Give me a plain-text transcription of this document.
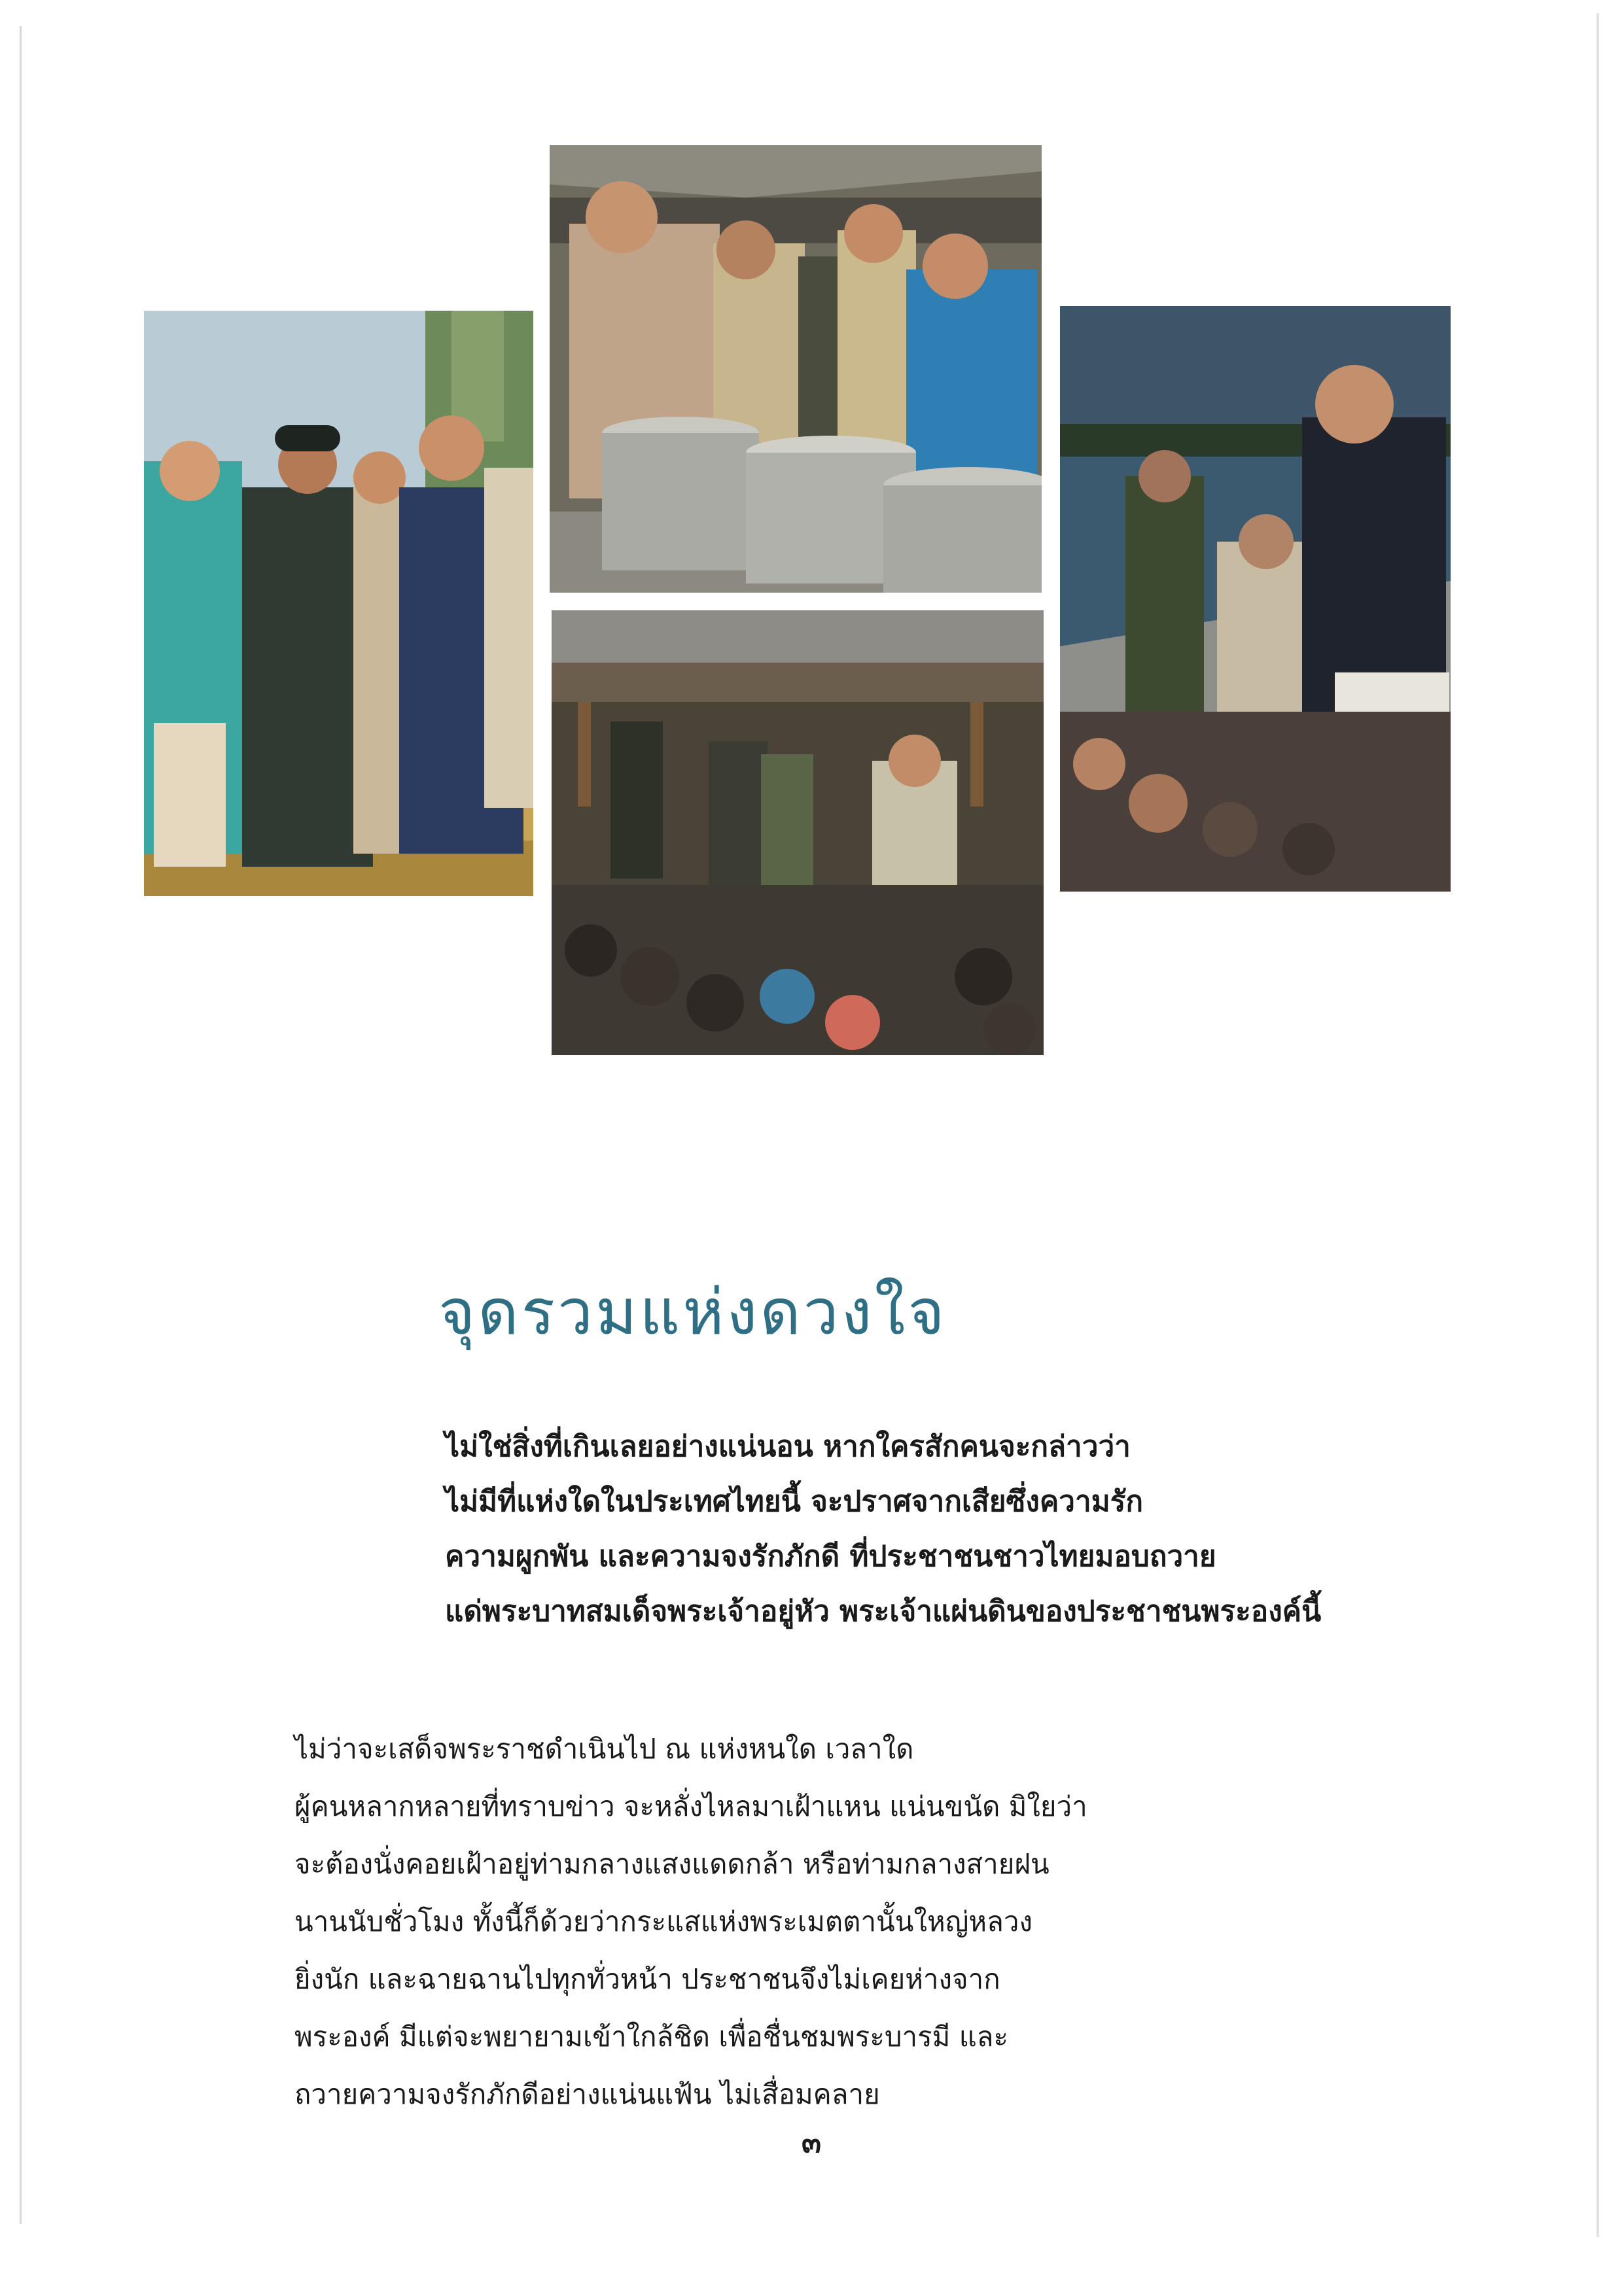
จุดรวมแห่งดวงใจ

ไม่ใช่สิ่งที่เกินเลยอย่างแน่นอน หากใครสักคนจะกล่าวว่า

ไม่มีที่แห่งใดในประเทศไทยนี้ จะปราศจากเสียซึ่งความรัก

ความผูกพัน และความจงรักภักดี ที่ประชาชนชาวไทยมอบถวาย

แด่พระบาทสมเด็จพระเจ้าอยู่หัว พระเจ้าแผ่นดินของประชาชนพระองค์นี้

ไม่ว่าจะเสด็จพระราชดำเนินไป ณ แห่งหนใด เวลาใด

ผู้คนหลากหลายที่ทราบข่าว จะหลั่งไหลมาเฝ้าแหน แน่นขนัด มิใยว่า

จะต้องนั่งคอยเฝ้าอยู่ท่ามกลางแสงแดดกล้า หรือท่ามกลางสายฝน

นานนับชั่วโมง ทั้งนี้ก็ด้วยว่ากระแสแห่งพระเมตตานั้นใหญ่หลวง

ยิ่งนัก และฉายฉานไปทุกทั่วหน้า ประชาชนจึงไม่เคยห่างจาก

พระองค์ มีแต่จะพยายามเข้าใกล้ชิด เพื่อชื่นชมพระบารมี และ

ถวายความจงรักภักดีอย่างแน่นแฟ้น ไม่เสื่อมคลาย

๓
